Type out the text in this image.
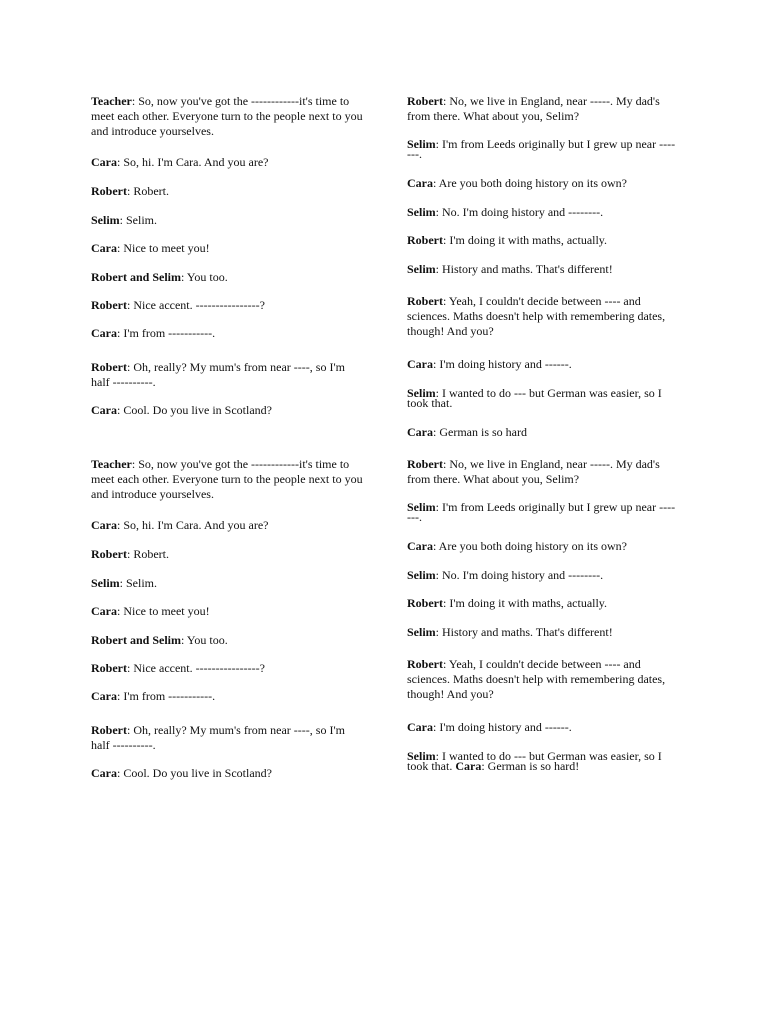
Teacher: So, now you've got the ------------it's time to meet each other. Everyone turn to the people next to you and introduce yourselves.

Cara: So, hi. I'm Cara. And you are?

Robert: Robert.

Selim: Selim.

Cara: Nice to meet you!

Robert and Selim: You too.

Robert: Nice accent. ----------------?

Cara: I'm from -----------.

Robert: Oh, really? My mum's from near ----, so I'm half ----------.

Cara: Cool. Do you live in Scotland?

Robert: No, we live in England, near -----. My dad's from there. What about you, Selim?

Selim: I'm from Leeds originally but I grew up near -------.

Cara: Are you both doing history on its own?

Selim: No. I'm doing history and --------.

Robert: I'm doing it with maths, actually.

Selim: History and maths. That's different!

Robert: Yeah, I couldn't decide between ---- and sciences. Maths doesn't help with remembering dates, though! And you?

Cara: I'm doing history and ------.

Selim: I wanted to do --- but German was easier, so I took that.

Cara: German is so hard

Teacher: So, now you've got the ------------it's time to meet each other. Everyone turn to the people next to you and introduce yourselves.

Cara: So, hi. I'm Cara. And you are?

Robert: Robert.

Selim: Selim.

Cara: Nice to meet you!

Robert and Selim: You too.

Robert: Nice accent. ----------------?

Cara: I'm from -----------.

Robert: Oh, really? My mum's from near ----, so I'm half ----------.

Cara: Cool. Do you live in Scotland?

Robert: No, we live in England, near -----. My dad's from there. What about you, Selim?

Selim: I'm from Leeds originally but I grew up near -------.

Cara: Are you both doing history on its own?

Selim: No. I'm doing history and --------.

Robert: I'm doing it with maths, actually.

Selim: History and maths. That's different!

Robert: Yeah, I couldn't decide between ---- and sciences. Maths doesn't help with remembering dates, though! And you?

Cara: I'm doing history and ------.

Selim: I wanted to do --- but German was easier, so I took that. Cara: German is so hard!
